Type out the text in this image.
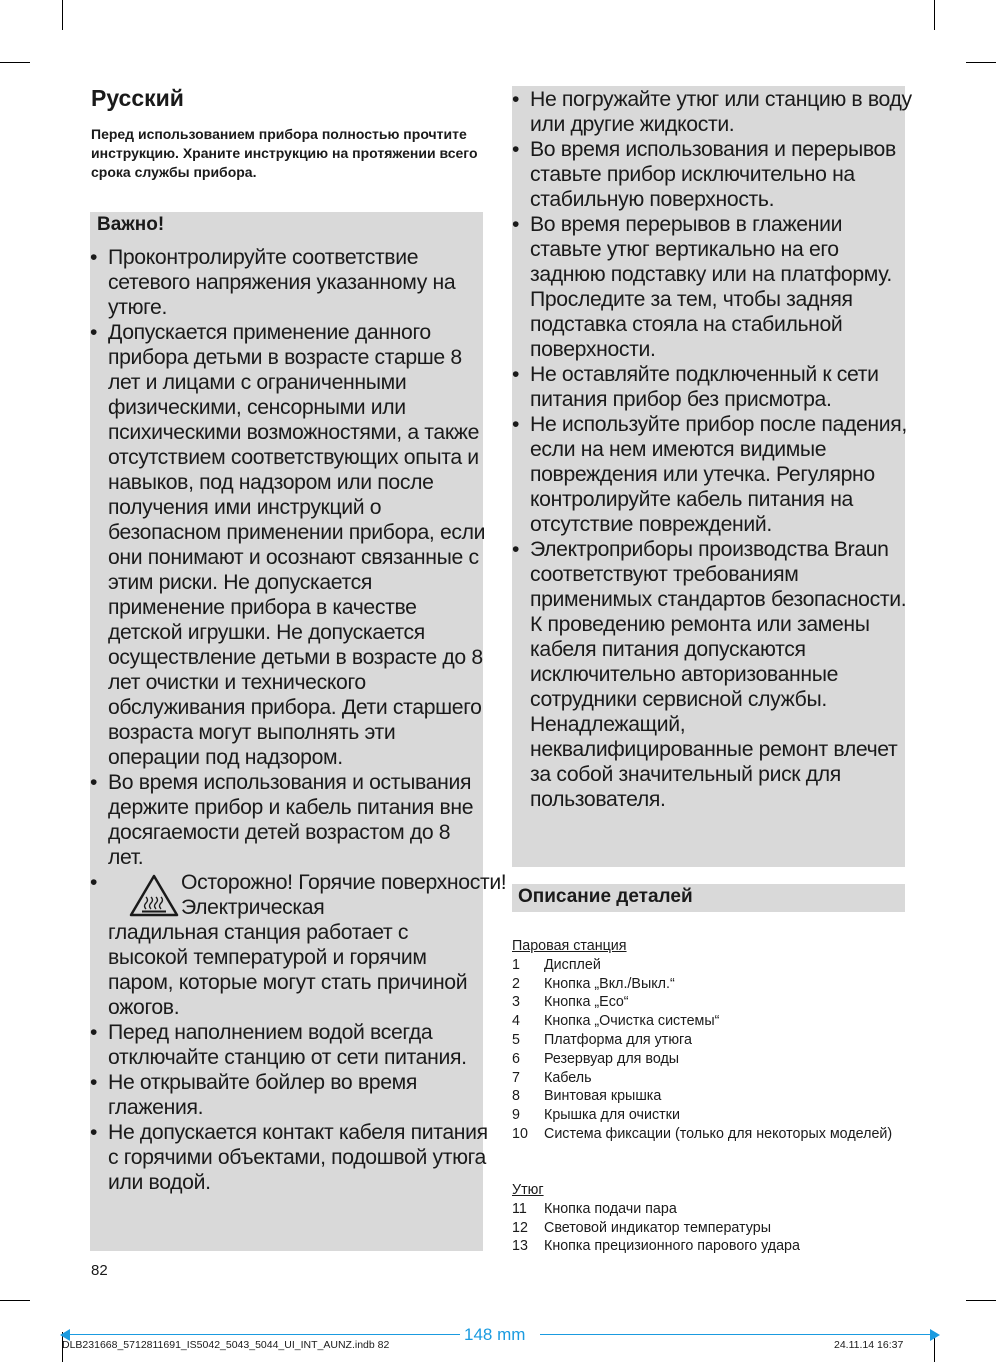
Русский
Перед использованием прибора полностью прочтите инструкцию. Храните инструкцию на протяжении всего срока службы прибора.
Важно!
• Проконтролируйте соответствие сетевого напряжения указанному на утюге.
• Допускается применение данного прибора детьми в возрасте старше 8 лет и лицами с ограниченными физическими, сенсорными или психическими возможностями, а также отсутствием соответствующих опыта и навыков, под надзором или после получения ими инструкций о безопасном применении прибора, если они понимают и осознают связанные с этим риски. Не допускается применение прибора в качестве детской игрушки. Не допускается осуществление детьми в возрасте до 8 лет очистки и технического обслуживания прибора. Дети старшего возраста могут выполнять эти операции под надзором.
• Во время использования и остывания держите прибор и кабель питания вне досягаемости детей возрастом до 8 лет.
•	Осторожно! Горячие поверхности! Электрическая
гладильная станция работает с высокой температурой и горячим паром, которые могут стать причиной ожогов.
• Перед наполнением водой всегда отключайте станцию от сети питания.
• Не открывайте бойлер во время глажения.
• Не допускается контакт кабеля питания с горячими объектами, подошвой утюга или водой.
• Не погружайте утюг или станцию в воду или другие жидкости.
• Во время использования и перерывов ставьте прибор исключительно на стабильную поверхность.
• Во время перерывов в глажении ставьте утюг вертикально на его заднюю подставку или на платформу. Проследите за тем, чтобы задняя подставка стояла на стабильной поверхности.
• Не оставляйте подключенный к сети питания прибор без присмотра.
• Не используйте прибор после падения, если на нем имеются видимые повреждения или утечка. Регулярно контролируйте кабель питания на отсутствие повреждений.
• Электроприборы производства Braun соответствуют требованиям применимых стандартов безопасности. К проведению ремонта или замены кабеля питания допускаются исключительно авторизованные сотрудники сервисной службы. Ненадлежащий, неквалифицированные ремонт влечет за собой значительный риск для пользователя.
Описание деталей
Паровая станция
1	Дисплей
2	Кнопка „Вкл./Выкл.“
3	Кнопка „Eco“
4	Кнопка „Очистка системы“
5	Платформа для утюга
6	Резервуар для воды
7	Кабель
8	Винтовая крышка
9	Крышка для очистки
10	Система фиксации (только для некоторых моделей)
Утюг
11	Кнопка подачи пара
12	Световой индикатор температуры
13	Кнопка прецизионного парового удара
82
148 mm
DLB231668_5712811691_IS5042_5043_5044_UI_INT_AUNZ.indb 82	24.11.14 16:37
